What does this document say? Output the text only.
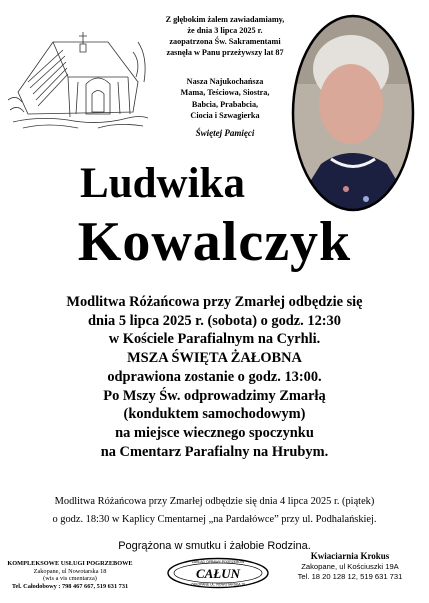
Z głębokim żalem zawiadamiamy,
że dnia 3 lipca 2025 r.
zaopatrzona Św. Sakramentami
zasnęła w Panu przeżywszy lat 87
Nasza Najukochańsza
Mama, Teściowa, Siostra,
Babcia, Prababcia,
Ciocia i Szwagierka
Świętej Pamięci
Ludwika
Kowalczyk
Modlitwa Różańcowa przy Zmarłej odbędzie się
dnia 5 lipca 2025 r. (sobota) o godz. 12:30
w Kościele Parafialnym na Cyrhli.
MSZA ŚWIĘTA ŻAŁOBNA
odprawiona zostanie o godz. 13:00.
Po Mszy Św. odprowadzimy Zmarłą
(konduktem samochodowym)
na miejsce wiecznego spoczynku
na Cmentarz Parafialny na Hrubym.
Modlitwa Różańcowa przy Zmarłej odbędzie się dnia 4 lipca 2025 r. (piątek)
o godz. 18:30 w Kaplicy Cmentarnej „na Pardałówce” przy ul. Podhalańskiej.
Pogrążona w smutku i żałobie Rodzina.
KOMPLEKSOWE USŁUGI POGRZEBOWE
Zakopane, ul Nowotarska 18
(wis a vis cmentarza)
Tel. Całodobowy : 798 467 667, 519 631 731
ZAKŁAD OPRAWY POGRZEBÓW
CAŁUN
ZAKOPANE UL. NOWOTARSKA 18
Kwiaciarnia Krokus
Zakopane, ul Kościuszki 19A
Tel. 18 20 128 12, 519 631 731
